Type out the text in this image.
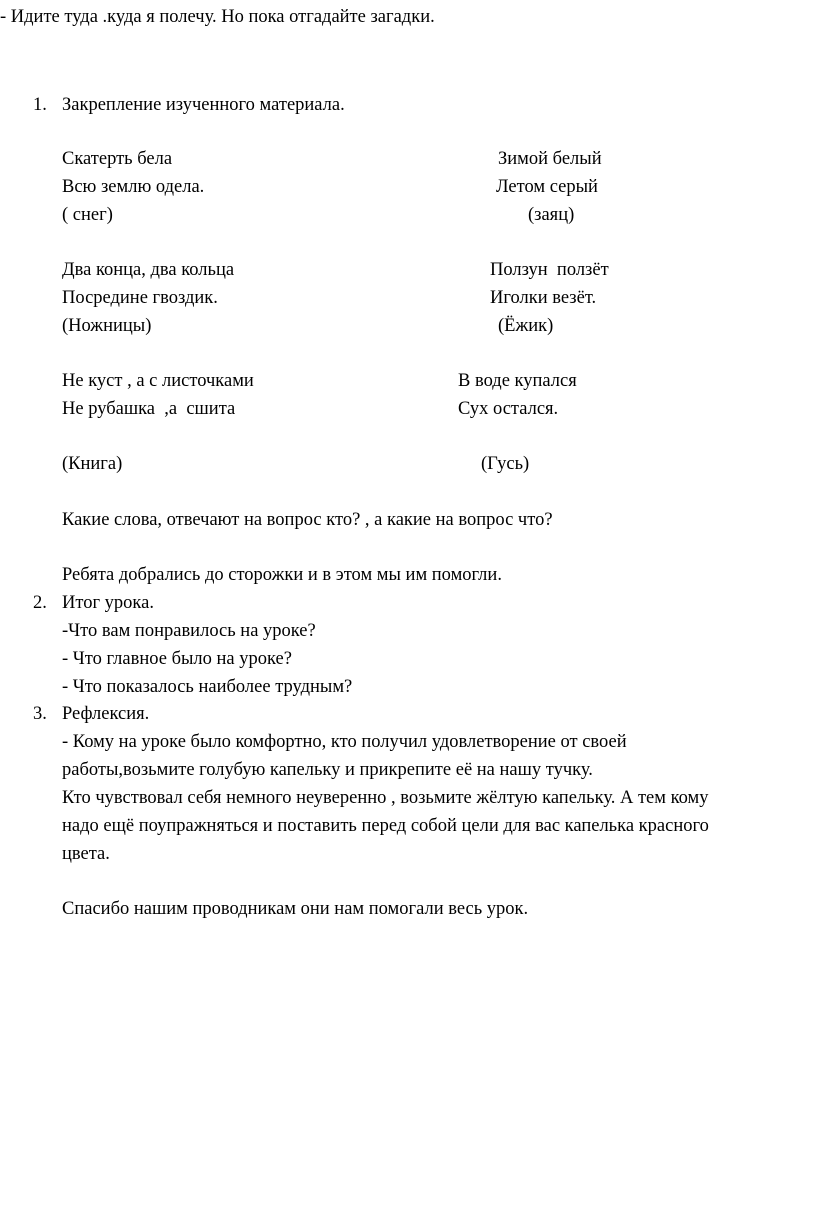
- Идите туда .куда я полечу. Но пока отгадайте загадки.
1. Закрепление изученного материала.
Скатерть бела
Всю землю одела.
( снег)
Зимой белый
Летом серый
(заяц)
Два конца, два кольца
Посредине гвоздик.
(Ножницы)
Ползун  ползёт
Иголки везёт.
(Ёжик)
Не куст , а с листочками
Не рубашка  ,а  сшита
(Книга)
В воде купался
Сух остался.
(Гусь)
Какие слова, отвечают на вопрос кто? , а какие на вопрос что?
Ребята добрались до сторожки и в этом мы им помогли.
2. Итог урока.
-Что вам понравилось на уроке?
- Что главное было на уроке?
- Что показалось наиболее трудным?
3. Рефлексия.
- Кому на уроке было комфортно, кто получил удовлетворение от своей
работы,возьмите голубую капельку и прикрепите её на нашу тучку.
Кто чувствовал себя немного неуверенно , возьмите жёлтую капельку. А тем кому
надо ещё поупражняться и поставить перед собой цели для вас капелька красного
цвета.
Спасибо нашим проводникам они нам помогали весь урок.
